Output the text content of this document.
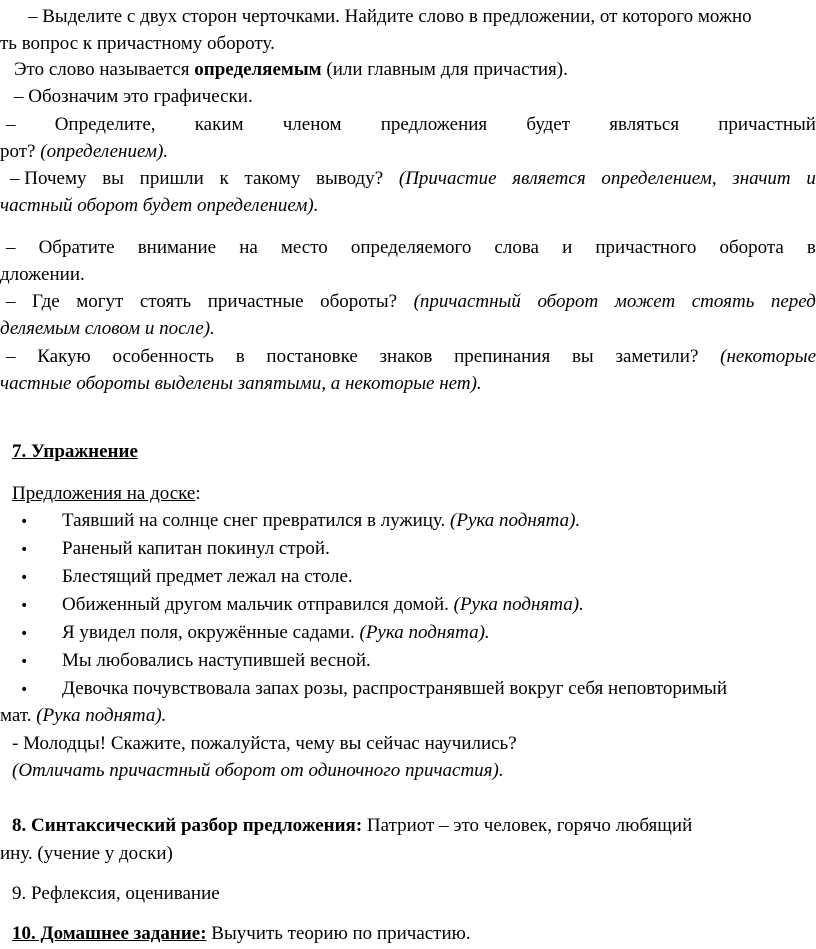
– Выделите с двух сторон черточками. Найдите слово в предложении, от которого можно
ть вопрос к причастному обороту.
Это слово называется определяемым (или главным для причастия).
– Обозначим это графически.
– Определите, каким членом предложения будет являться причастный
рот? (определением).
– Почему вы пришли к такому выводу? (Причастие является определением, значит и
частный оборот будет определением).
– Обратите внимание на место определяемого слова и причастного оборота в
дложении.
– Где могут стоять причастные обороты? (причастный оборот может стоять перед
деляемым словом и после).
– Какую особенность в постановке знаков препинания вы заметили? (некоторые
частные обороты выделены запятыми, а некоторые нет).
7. Упражнение
Предложения на доске:
• Таявший на солнце снег превратился в лужицу. (Рука поднята).
• Раненый капитан покинул строй.
• Блестящий предмет лежал на столе.
• Обиженный другом мальчик отправился домой. (Рука поднята).
• Я увидел поля, окружённые садами. (Рука поднята).
• Мы любовались наступившей весной.
• Девочка почувствовала запах розы, распространявшей вокруг себя неповторимый
мат. (Рука поднята).
- Молодцы! Скажите, пожалуйста, чему вы сейчас научились?
(Отличать причастный оборот от одиночного причастия).
8. Синтаксический разбор предложения: Патриот – это человек, горячо любящий
ину. (учение у доски)
9. Рефлексия, оценивание
10. Домашнее задание: Выучить теорию по причастию.
